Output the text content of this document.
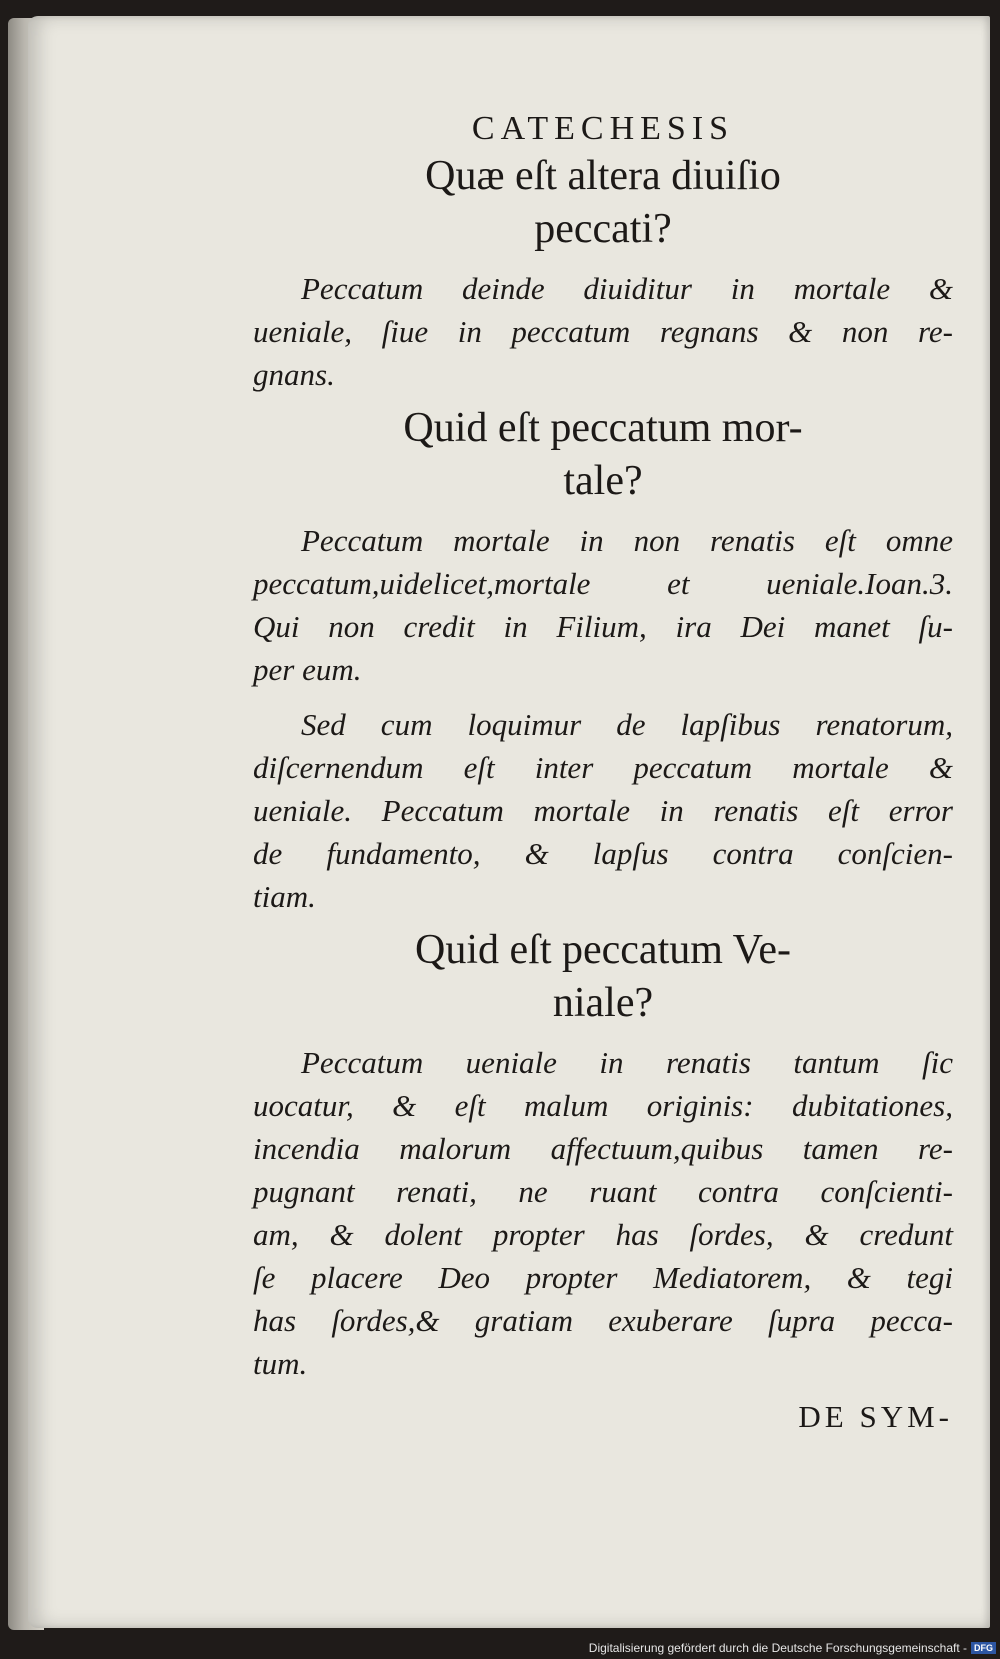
CATECHESIS
Quæ eſt altera diuiſio
peccati?
Peccatum deinde diuiditur in mortale &
ueniale, ſiue in peccatum regnans & non re-
gnans.
Quid eſt peccatum mor-
tale?
Peccatum mortale in non renatis eſt omne
peccatum,uidelicet,mortale et ueniale.Ioan.3.
Qui non credit in Filium, ira Dei manet ſu-
per eum.
Sed cum loquimur de lapſibus renatorum,
diſcernendum eſt inter peccatum mortale &
ueniale. Peccatum mortale in renatis eſt error
de fundamento, & lapſus contra conſcien-
tiam.
Quid eſt peccatum Ve-
niale?
Peccatum ueniale in renatis tantum ſic
uocatur, & eſt malum originis: dubitationes,
incendia malorum affectuum,quibus tamen re-
pugnant renati, ne ruant contra conſcienti-
am, & dolent propter has ſordes, & credunt
ſe placere Deo propter Mediatorem, & tegi
has ſordes,& gratiam exuberare ſupra pecca-
tum.
DE SYM-
Digitalisierung gefördert durch die Deutsche Forschungsgemeinschaft - DFG
